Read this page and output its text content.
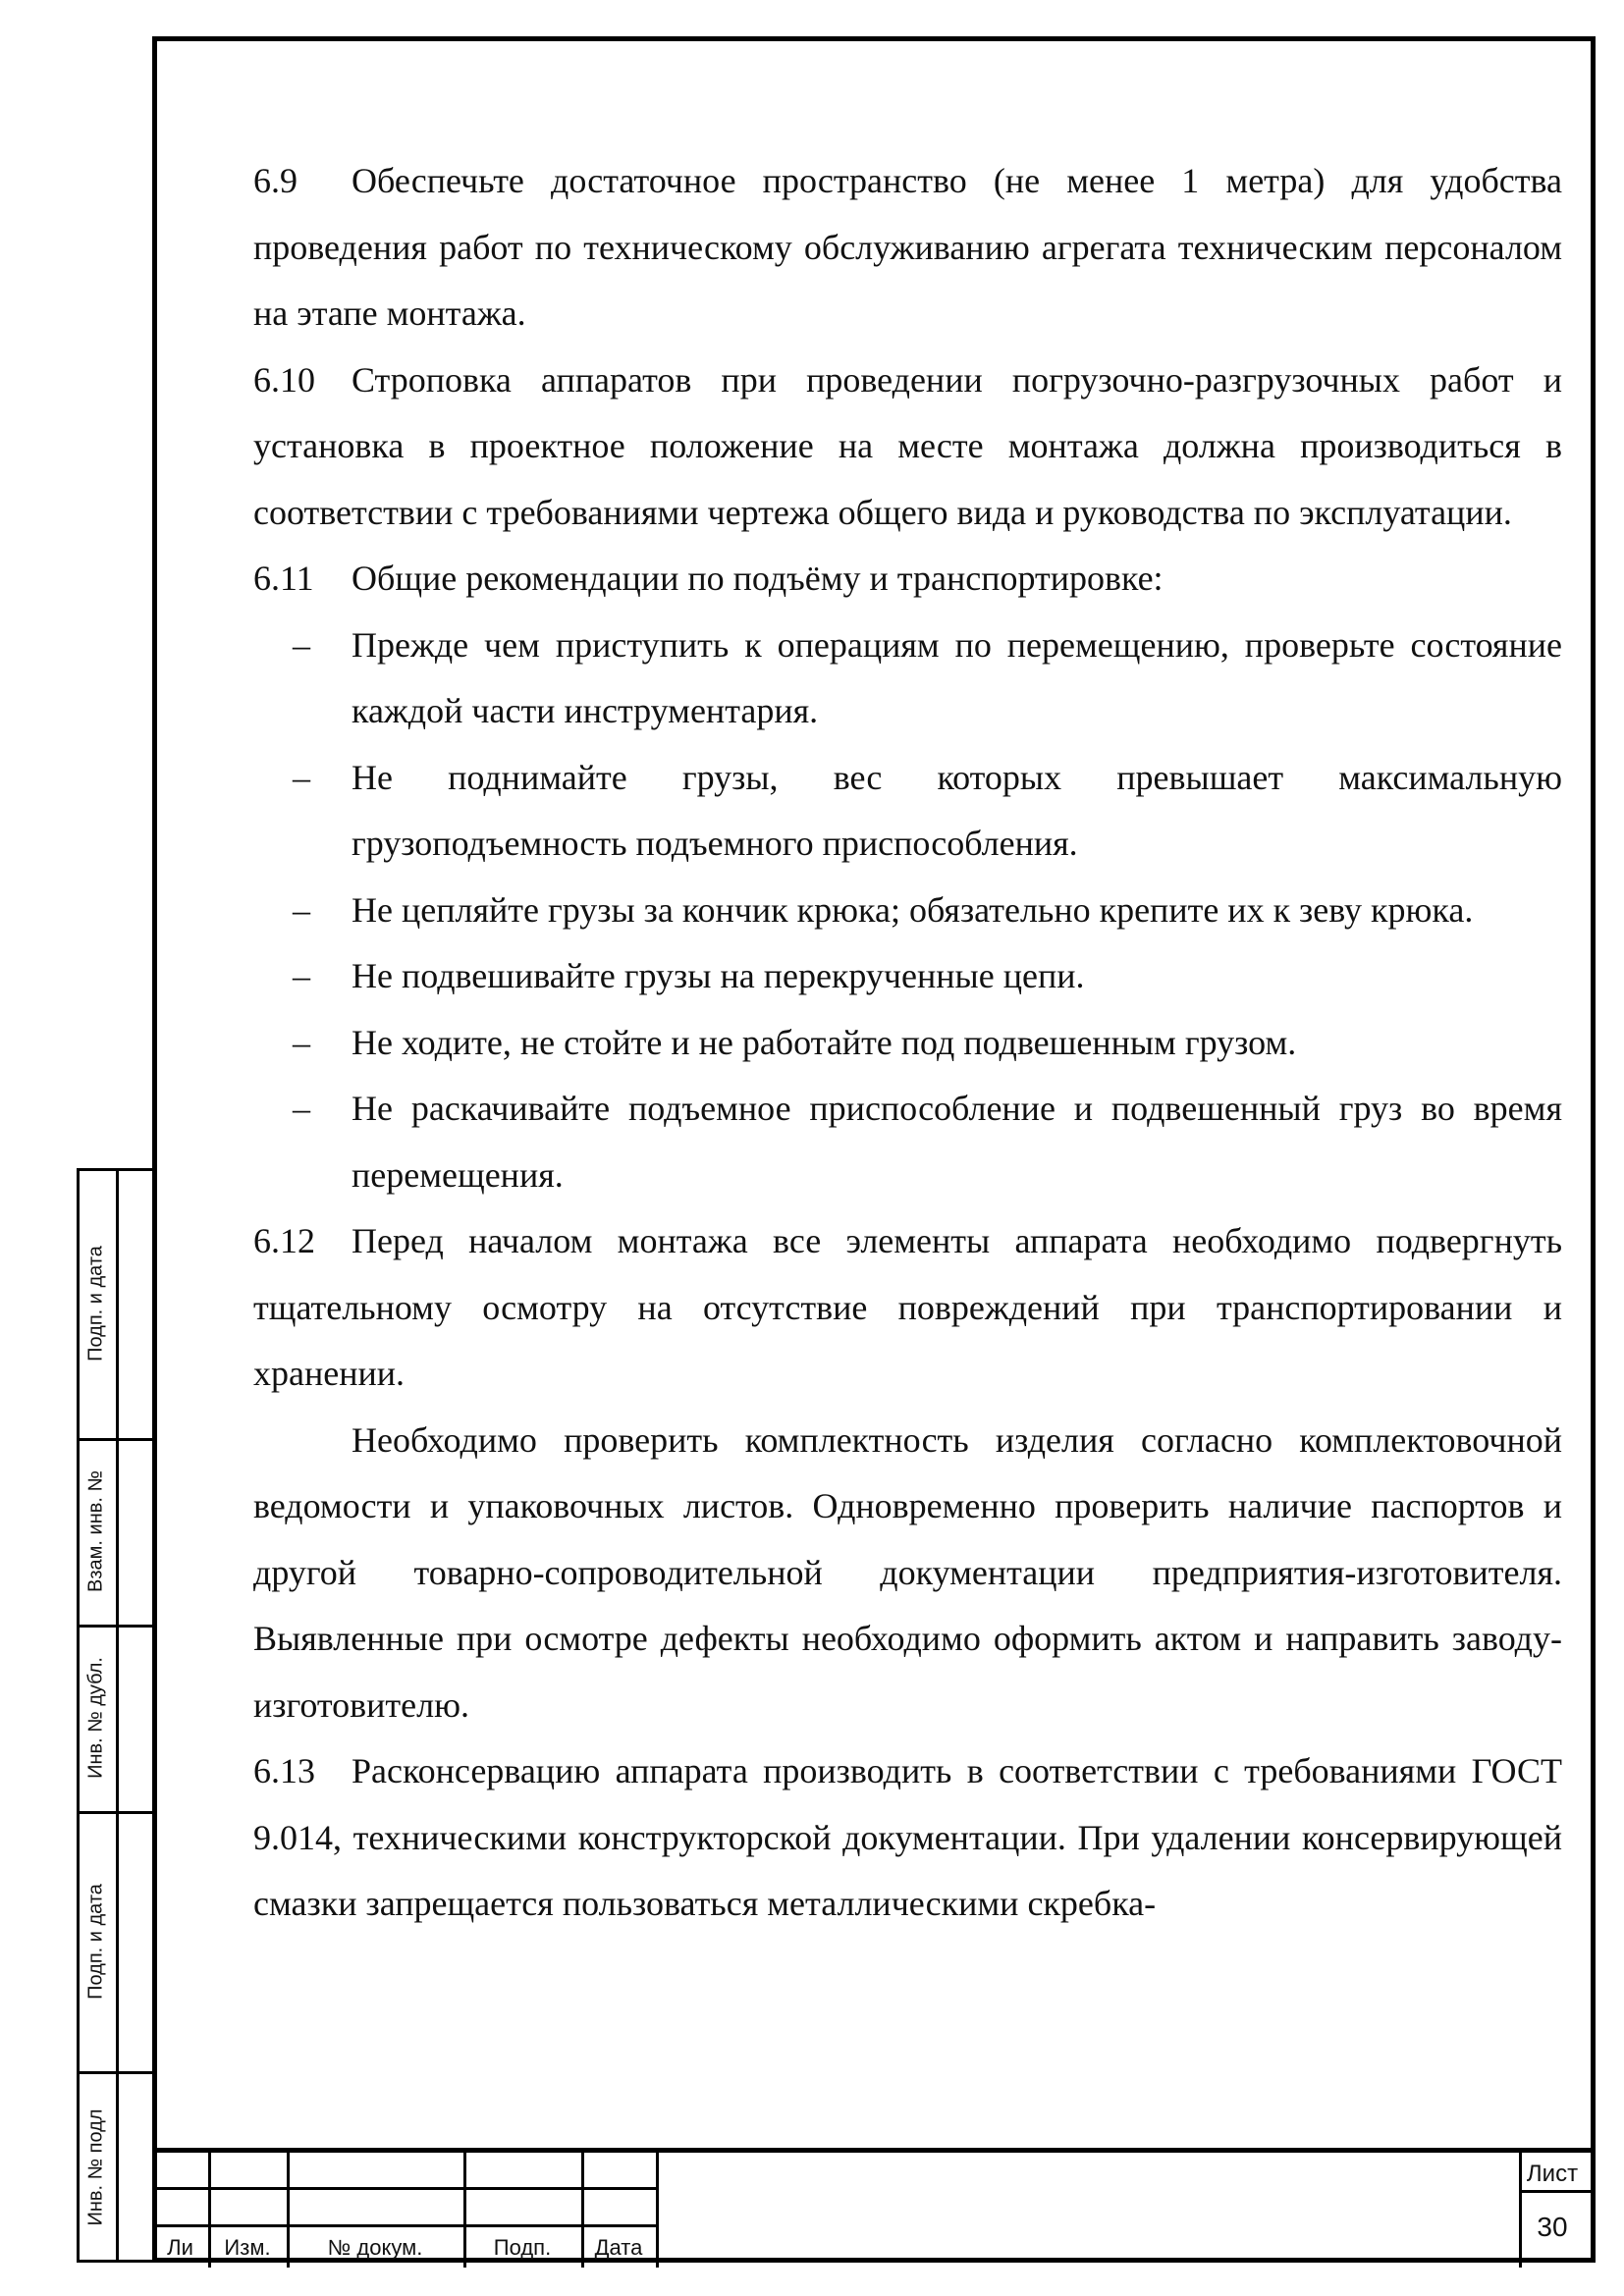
6.9 Обеспечьте достаточное пространство (не менее 1 метра) для удобства проведения работ по техническому обслуживанию агрегата техническим персоналом на этапе монтажа.

6.10 Строповка аппаратов при проведении погрузочно-разгрузочных работ и установка в проектное положение на месте монтажа должна производиться в соответствии с требованиями чертежа общего вида и руководства по эксплуатации.

6.11 Общие рекомендации по подъёму и транспортировке:

– Прежде чем приступить к операциям по перемещению, проверьте состояние каждой части инструментария.
– Не поднимайте грузы, вес которых превышает максимальную грузоподъемность подъемного приспособления.
– Не цепляйте грузы за кончик крюка; обязательно крепите их к зеву крюка.
– Не подвешивайте грузы на перекрученные цепи.
– Не ходите, не стойте и не работайте под подвешенным грузом.
– Не раскачивайте подъемное приспособление и подвешенный груз во время перемещения.

6.12 Перед началом монтажа все элементы аппарата необходимо подвергнуть тщательному осмотру на отсутствие повреждений при транспортировании и хранении.

Необходимо проверить комплектность изделия согласно комплектовочной ведомости и упаковочных листов. Одновременно проверить наличие паспортов и другой товарно-сопроводительной документации предприятия-изготовителя. Выявленные при осмотре дефекты необходимо оформить актом и направить заводу-изготовителю.

6.13 Расконсервацию аппарата производить в соответствии с требованиями ГОСТ 9.014, техническими конструкторской документации. При удалении консервирующей смазки запрещается пользоваться металлическими скребка-

Подп. и дата
Взам. инв. №
Инв. № дубл.
Подп. и дата
Инв. № подл
Ли	Изм.	№ докум.	Подп.	Дата
Лист
30
